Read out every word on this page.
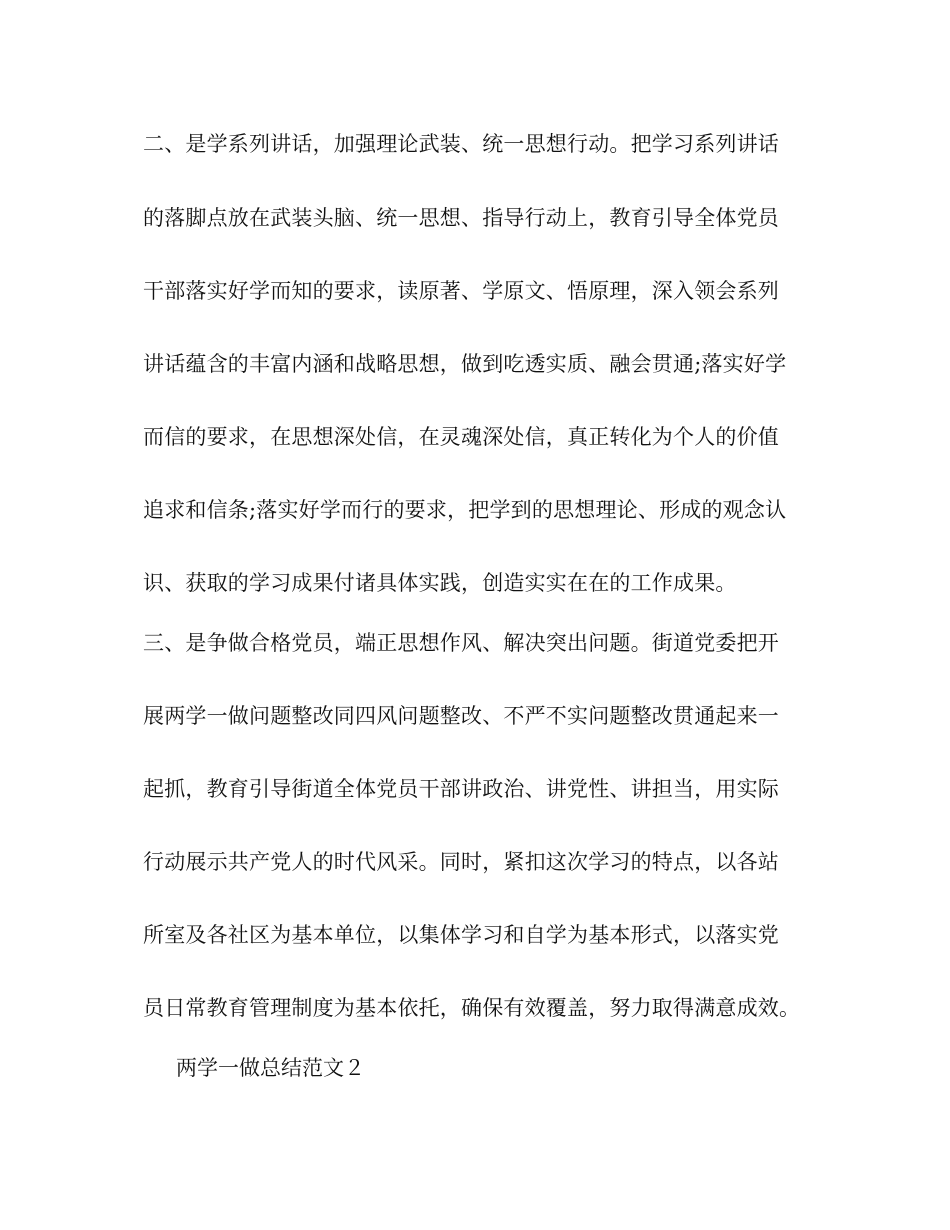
二、是学系列讲话，加强理论武装、统一思想行动。把学习系列讲话
的落脚点放在武装头脑、统一思想、指导行动上，教育引导全体党员
干部落实好学而知的要求，读原著、学原文、悟原理，深入领会系列
讲话蕴含的丰富内涵和战略思想，做到吃透实质、融会贯通;落实好学
而信的要求，在思想深处信，在灵魂深处信，真正转化为个人的价值
追求和信条;落实好学而行的要求，把学到的思想理论、形成的观念认
识、获取的学习成果付诸具体实践，创造实实在在的工作成果。
三、是争做合格党员，端正思想作风、解决突出问题。街道党委把开
展两学一做问题整改同四风问题整改、不严不实问题整改贯通起来一
起抓，教育引导街道全体党员干部讲政治、讲党性、讲担当，用实际
行动展示共产党人的时代风采。同时，紧扣这次学习的特点，以各站
所室及各社区为基本单位，以集体学习和自学为基本形式，以落实党
员日常教育管理制度为基本依托，确保有效覆盖，努力取得满意成效。
两学一做总结范文２
